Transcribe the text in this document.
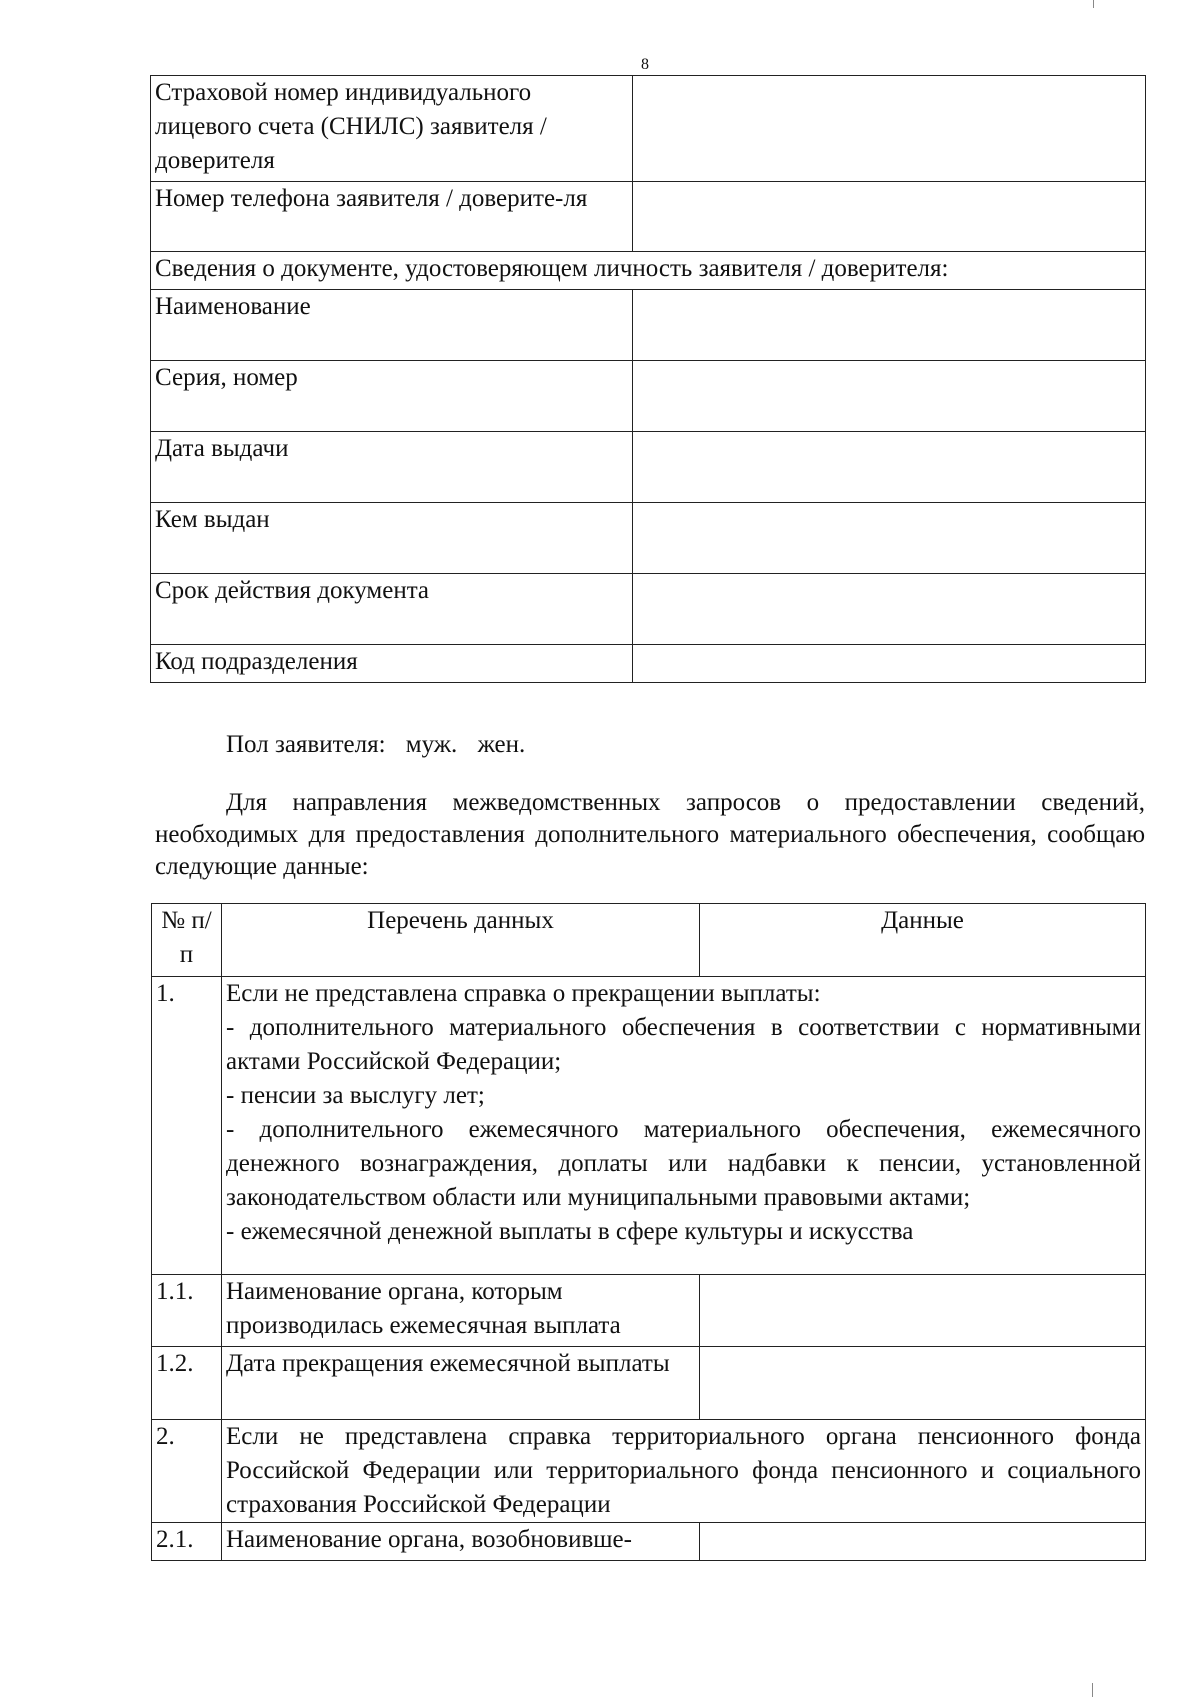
8
Страховой номер индивидуального лицевого счета (СНИЛС) заявителя / доверителя	
Номер телефона заявителя / доверите-ля	
Сведения о документе, удостоверяющем личность заявителя / доверителя:	
Наименование	
Серия, номер	
Дата выдачи	
Кем выдан	
Срок действия документа	
Код подразделения	
Пол заявителя: муж. жен.
Для направления межведомственных запросов о предоставлении сведений, необходимых для предоставления дополнительного материального обеспечения, сообщаю следующие данные:
№ п/п	Перечень данных	Данные
1.	Если не представлена справка о прекращении выплаты:
- дополнительного материального обеспечения в соответствии с нормативными актами Российской Федерации;
- пенсии за выслугу лет;
- дополнительного ежемесячного материального обеспечения, ежемесячного денежного вознаграждения, доплаты или надбавки к пенсии, установленной законодательством области или муниципальными правовыми актами;
- ежемесячной денежной выплаты в сфере культуры и искусства	

1.1.	Наименование органа, которым производилась ежемесячная выплата	
1.2.	Дата прекращения ежемесячной выплаты	
2.	Если не представлена справка территориального органа пенсионного фонда Российской Федерации или территориального фонда пенсионного и социального страхования Российской Федерации	
2.1.	Наименование органа, возобновивше-	
